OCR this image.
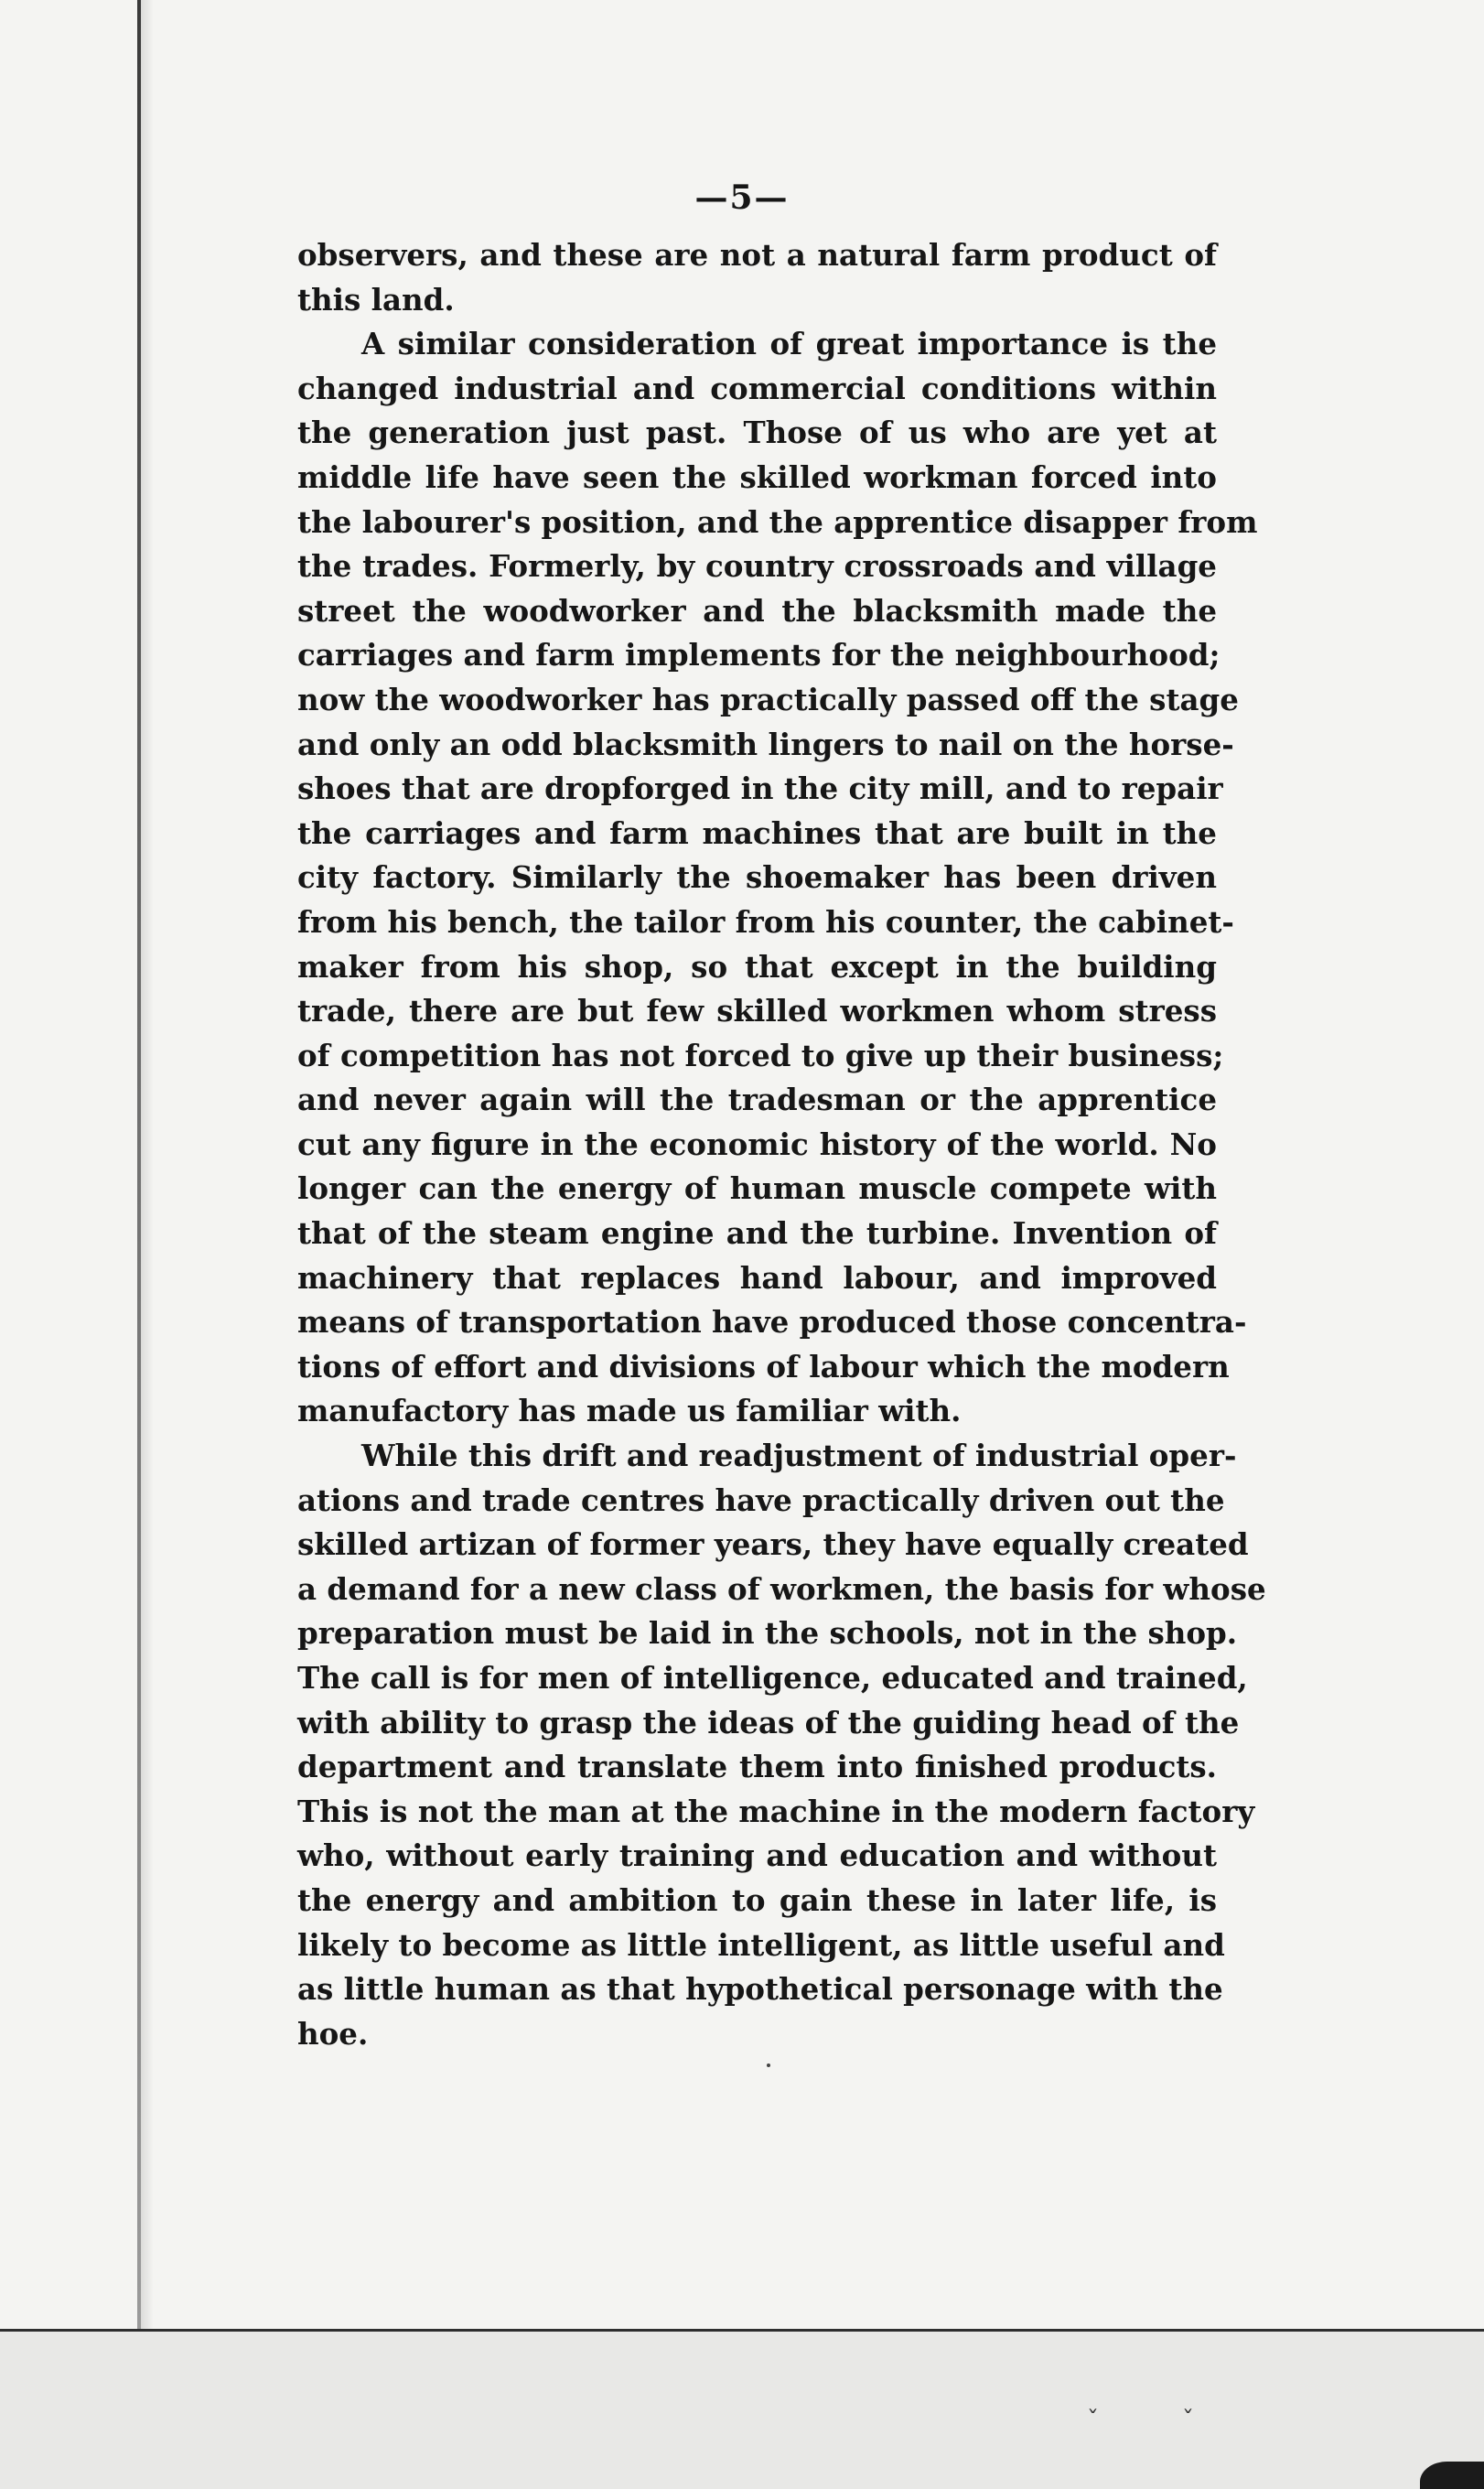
—5—
observers, and these are not a natural farm product of
this land.
A similar consideration of great importance is the
changed industrial and commercial conditions within
the generation just past. Those of us who are yet at
middle life have seen the skilled workman forced into
the labourer's position, and the apprentice disapper from
the trades. Formerly, by country crossroads and village
street the woodworker and the blacksmith made the
carriages and farm implements for the neighbourhood;
now the woodworker has practically passed off the stage
and only an odd blacksmith lingers to nail on the horse-
shoes that are dropforged in the city mill, and to repair
the carriages and farm machines that are built in the
city factory. Similarly the shoemaker has been driven
from his bench, the tailor from his counter, the cabinet-
maker from his shop, so that except in the building
trade, there are but few skilled workmen whom stress
of competition has not forced to give up their business;
and never again will the tradesman or the apprentice
cut any figure in the economic history of the world. No
longer can the energy of human muscle compete with
that of the steam engine and the turbine. Invention of
machinery that replaces hand labour, and improved
means of transportation have produced those concentra-
tions of effort and divisions of labour which the modern
manufactory has made us familiar with.
While this drift and readjustment of industrial oper-
ations and trade centres have practically driven out the
skilled artizan of former years, they have equally created
a demand for a new class of workmen, the basis for whose
preparation must be laid in the schools, not in the shop.
The call is for men of intelligence, educated and trained,
with ability to grasp the ideas of the guiding head of the
department and translate them into finished products.
This is not the man at the machine in the modern factory
who, without early training and education and without
the energy and ambition to gain these in later life, is
likely to become as little intelligent, as little useful and
as little human as that hypothetical personage with the
hoe.
ˇ	ˇ
